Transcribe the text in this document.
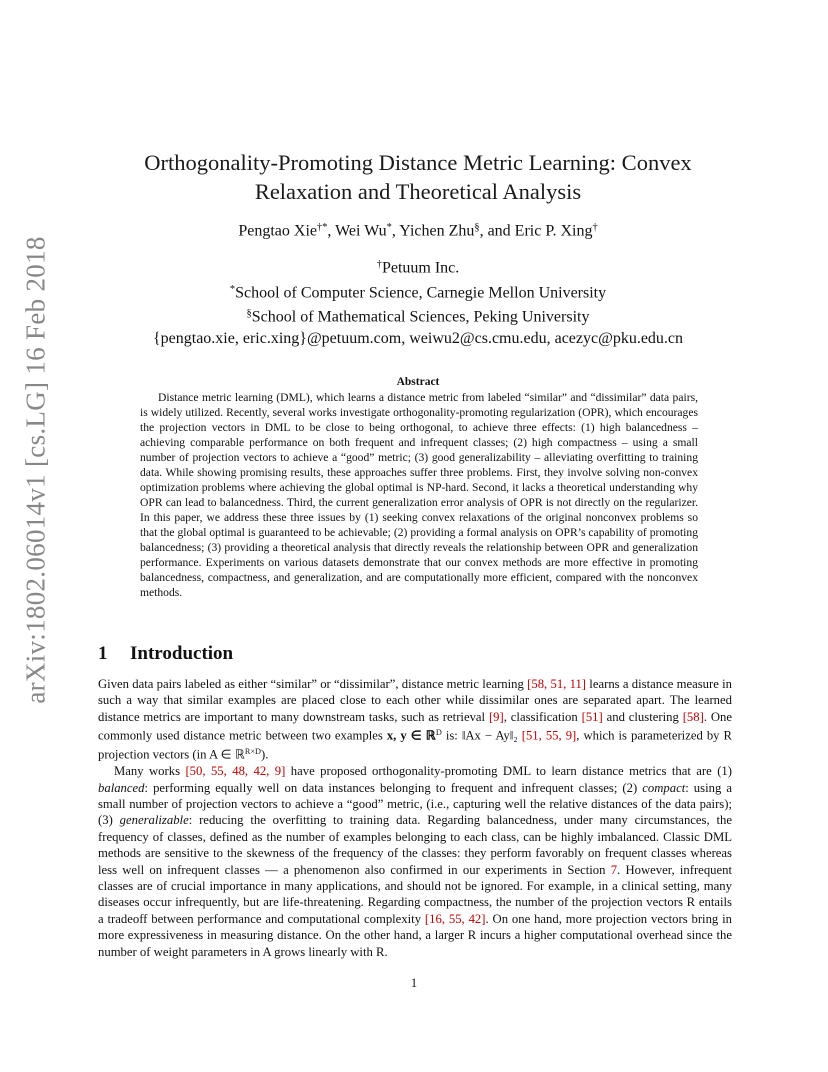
arXiv:1802.06014v1 [cs.LG] 16 Feb 2018
Orthogonality-Promoting Distance Metric Learning: Convex
Relaxation and Theoretical Analysis
Pengtao Xie†*, Wei Wu*, Yichen Zhu§, and Eric P. Xing†
†Petuum Inc.
*School of Computer Science, Carnegie Mellon University
§School of Mathematical Sciences, Peking University
{pengtao.xie, eric.xing}@petuum.com, weiwu2@cs.cmu.edu, acezyc@pku.edu.cn
Abstract

Distance metric learning (DML), which learns a distance metric from labeled “similar” and “dissimilar” data pairs, is widely utilized. Recently, several works investigate orthogonality-promoting regularization (OPR), which encourages the projection vectors in DML to be close to being orthogonal, to achieve three effects: (1) high balancedness – achieving comparable performance on both frequent and infrequent classes; (2) high compactness – using a small number of projection vectors to achieve a “good” metric; (3) good generalizability – alleviating overfitting to training data. While showing promising results, these approaches suffer three problems. First, they involve solving non-convex optimization problems where achieving the global optimal is NP-hard. Second, it lacks a theoretical understanding why OPR can lead to balancedness. Third, the current generalization error analysis of OPR is not directly on the regularizer. In this paper, we address these three issues by (1) seeking convex relaxations of the original nonconvex problems so that the global optimal is guaranteed to be achievable; (2) providing a formal analysis on OPR’s capability of promoting balancedness; (3) providing a theoretical analysis that directly reveals the relationship between OPR and generalization performance. Experiments on various datasets demonstrate that our convex methods are more effective in promoting balancedness, compactness, and generalization, and are computationally more efficient, compared with the nonconvex methods.

1 Introduction

Given data pairs labeled as either “similar” or “dissimilar”, distance metric learning [58, 51, 11] learns a distance measure in such a way that similar examples are placed close to each other while dissimilar ones are separated apart. The learned distance metrics are important to many downstream tasks, such as retrieval [9], classification [51] and clustering [58]. One commonly used distance metric between two examples x, y ∈ ℝ$^D$ is: ‖Ax − Ay‖₂ [51, 55, 9], which is parameterized by R projection vectors (in A ∈ ℝ$^{R\times D}$).

Many works [50, 55, 48, 42, 9] have proposed orthogonality-promoting DML to learn distance metrics that are (1) balanced: performing equally well on data instances belonging to frequent and infrequent classes; (2) compact: using a small number of projection vectors to achieve a “good” metric, (i.e., capturing well the relative distances of the data pairs); (3) generalizable: reducing the overfitting to training data. Regarding balancedness, under many circumstances, the frequency of classes, defined as the number of examples belonging to each class, can be highly imbalanced. Classic DML methods are sensitive to the skewness of the frequency of the classes: they perform favorably on frequent classes whereas less well on infrequent classes — a phenomenon also confirmed in our experiments in Section 7. However, infrequent classes are of crucial importance in many applications, and should not be ignored. For example, in a clinical setting, many diseases occur infrequently, but are life-threatening. Regarding compactness, the number of the projection vectors R entails a tradeoff between performance and computational complexity [16, 55, 42]. On one hand, more projection vectors bring in more expressiveness in measuring distance. On the other hand, a larger R incurs a higher computational overhead since the number of weight parameters in A grows linearly with R.

1
